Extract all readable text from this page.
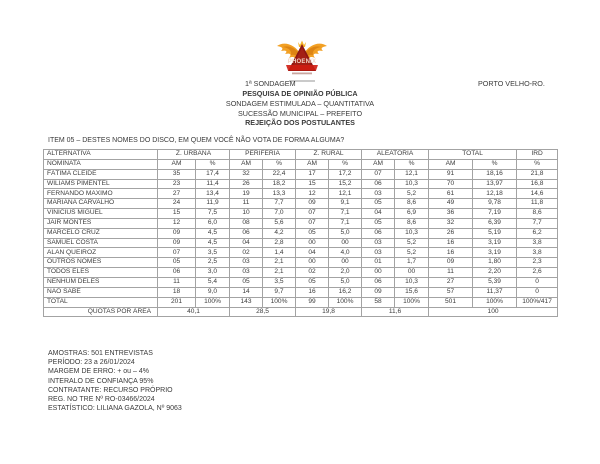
PHOENIX
1ª SONDAGEM	PORTO VELHO-RO.
PESQUISA DE OPINIÃO PÚBLICA
SONDAGEM ESTIMULADA – QUANTITATIVA
SUCESSÃO MUNICIPAL – PREFEITO
REJEIÇÃO DOS POSTULANTES
ITEM 05 – DESTES NOMES DO DISCO, EM QUEM VOCÊ NÃO VOTA DE FORMA ALGUMA?
ALTERNATIVA	Z. URBANA		PERIFERIA		Z. RURAL		ALEATÓRIA		TOTAL		IRD
NOMINATA	AM	%	AM	%	AM	%	AM	%	AM	%	%
FÁTIMA CLEIDE	35	17,4	32	22,4	17	17,2	07	12,1	91	18,16	21,8
WILIAMS PIMENTEL	23	11,4	26	18,2	15	15,2	06	10,3	70	13,97	16,8
FERNANDO MAXIMO	27	13,4	19	13,3	12	12,1	03	5,2	61	12,18	14,6
MARIANA CARVALHO	24	11,9	11	7,7	09	9,1	05	8,6	49	9,78	11,8
VINICIUS MIGUEL	15	7,5	10	7,0	07	7,1	04	6,9	36	7,19	8,6
JAIR MONTES	12	6,0	08	5,6	07	7,1	05	8,6	32	6,39	7,7
MARCELO CRUZ	09	4,5	06	4,2	05	5,0	06	10,3	26	5,19	6,2
SAMUEL COSTA	09	4,5	04	2,8	00	00	03	5,2	16	3,19	3,8
ALAN QUEIROZ	07	3,5	02	1,4	04	4,0	03	5,2	16	3,19	3,8
OUTROS NOMES	05	2,5	03	2,1	00	00	01	1,7	09	1,80	2,3
TODOS ELES	06	3,0	03	2,1	02	2,0	00	00	11	2,20	2,6
NENHUM DELES	11	5,4	05	3,5	05	5,0	06	10,3	27	5,39	0
NÃO SABE	18	9,0	14	9,7	16	16,2	09	15,6	57	11,37	0
TOTAL	201	100%	143	100%	99	100%	58	100%	501	100%	100%/417
QUOTAS POR ÁREA	40,1		28,5		19,8		11,6		100		
AMOSTRAS: 501 ENTREVISTAS
PERÍODO: 23 a 26/01/2024
MARGEM DE ERRO: + ou – 4%
INTERALO DE CONFIANÇA 95%
CONTRATANTE: RECURSO PRÓPRIO
REG. NO TRE Nº RO-03466/2024
ESTATÍSTICO: LILIANA GAZOLA, Nº 9063
